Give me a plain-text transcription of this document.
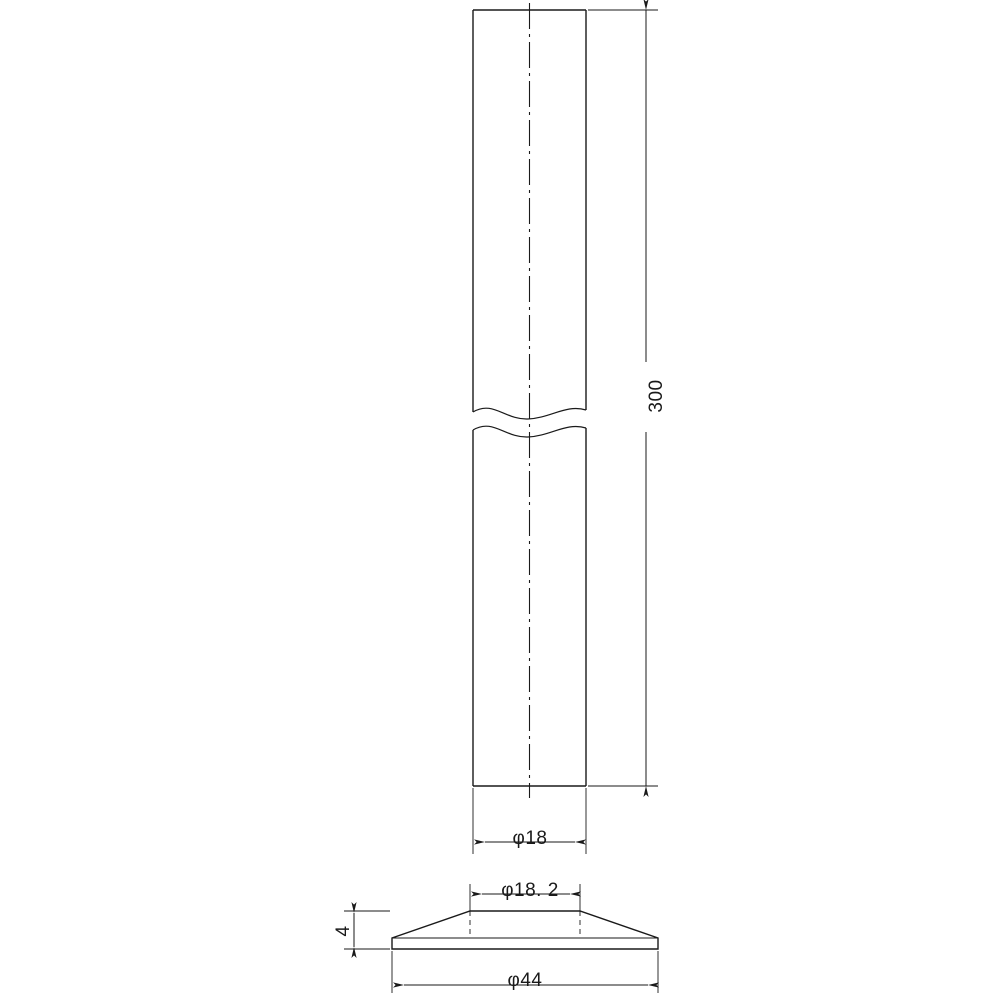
300
φ18
φ18. 2
φ44
4
